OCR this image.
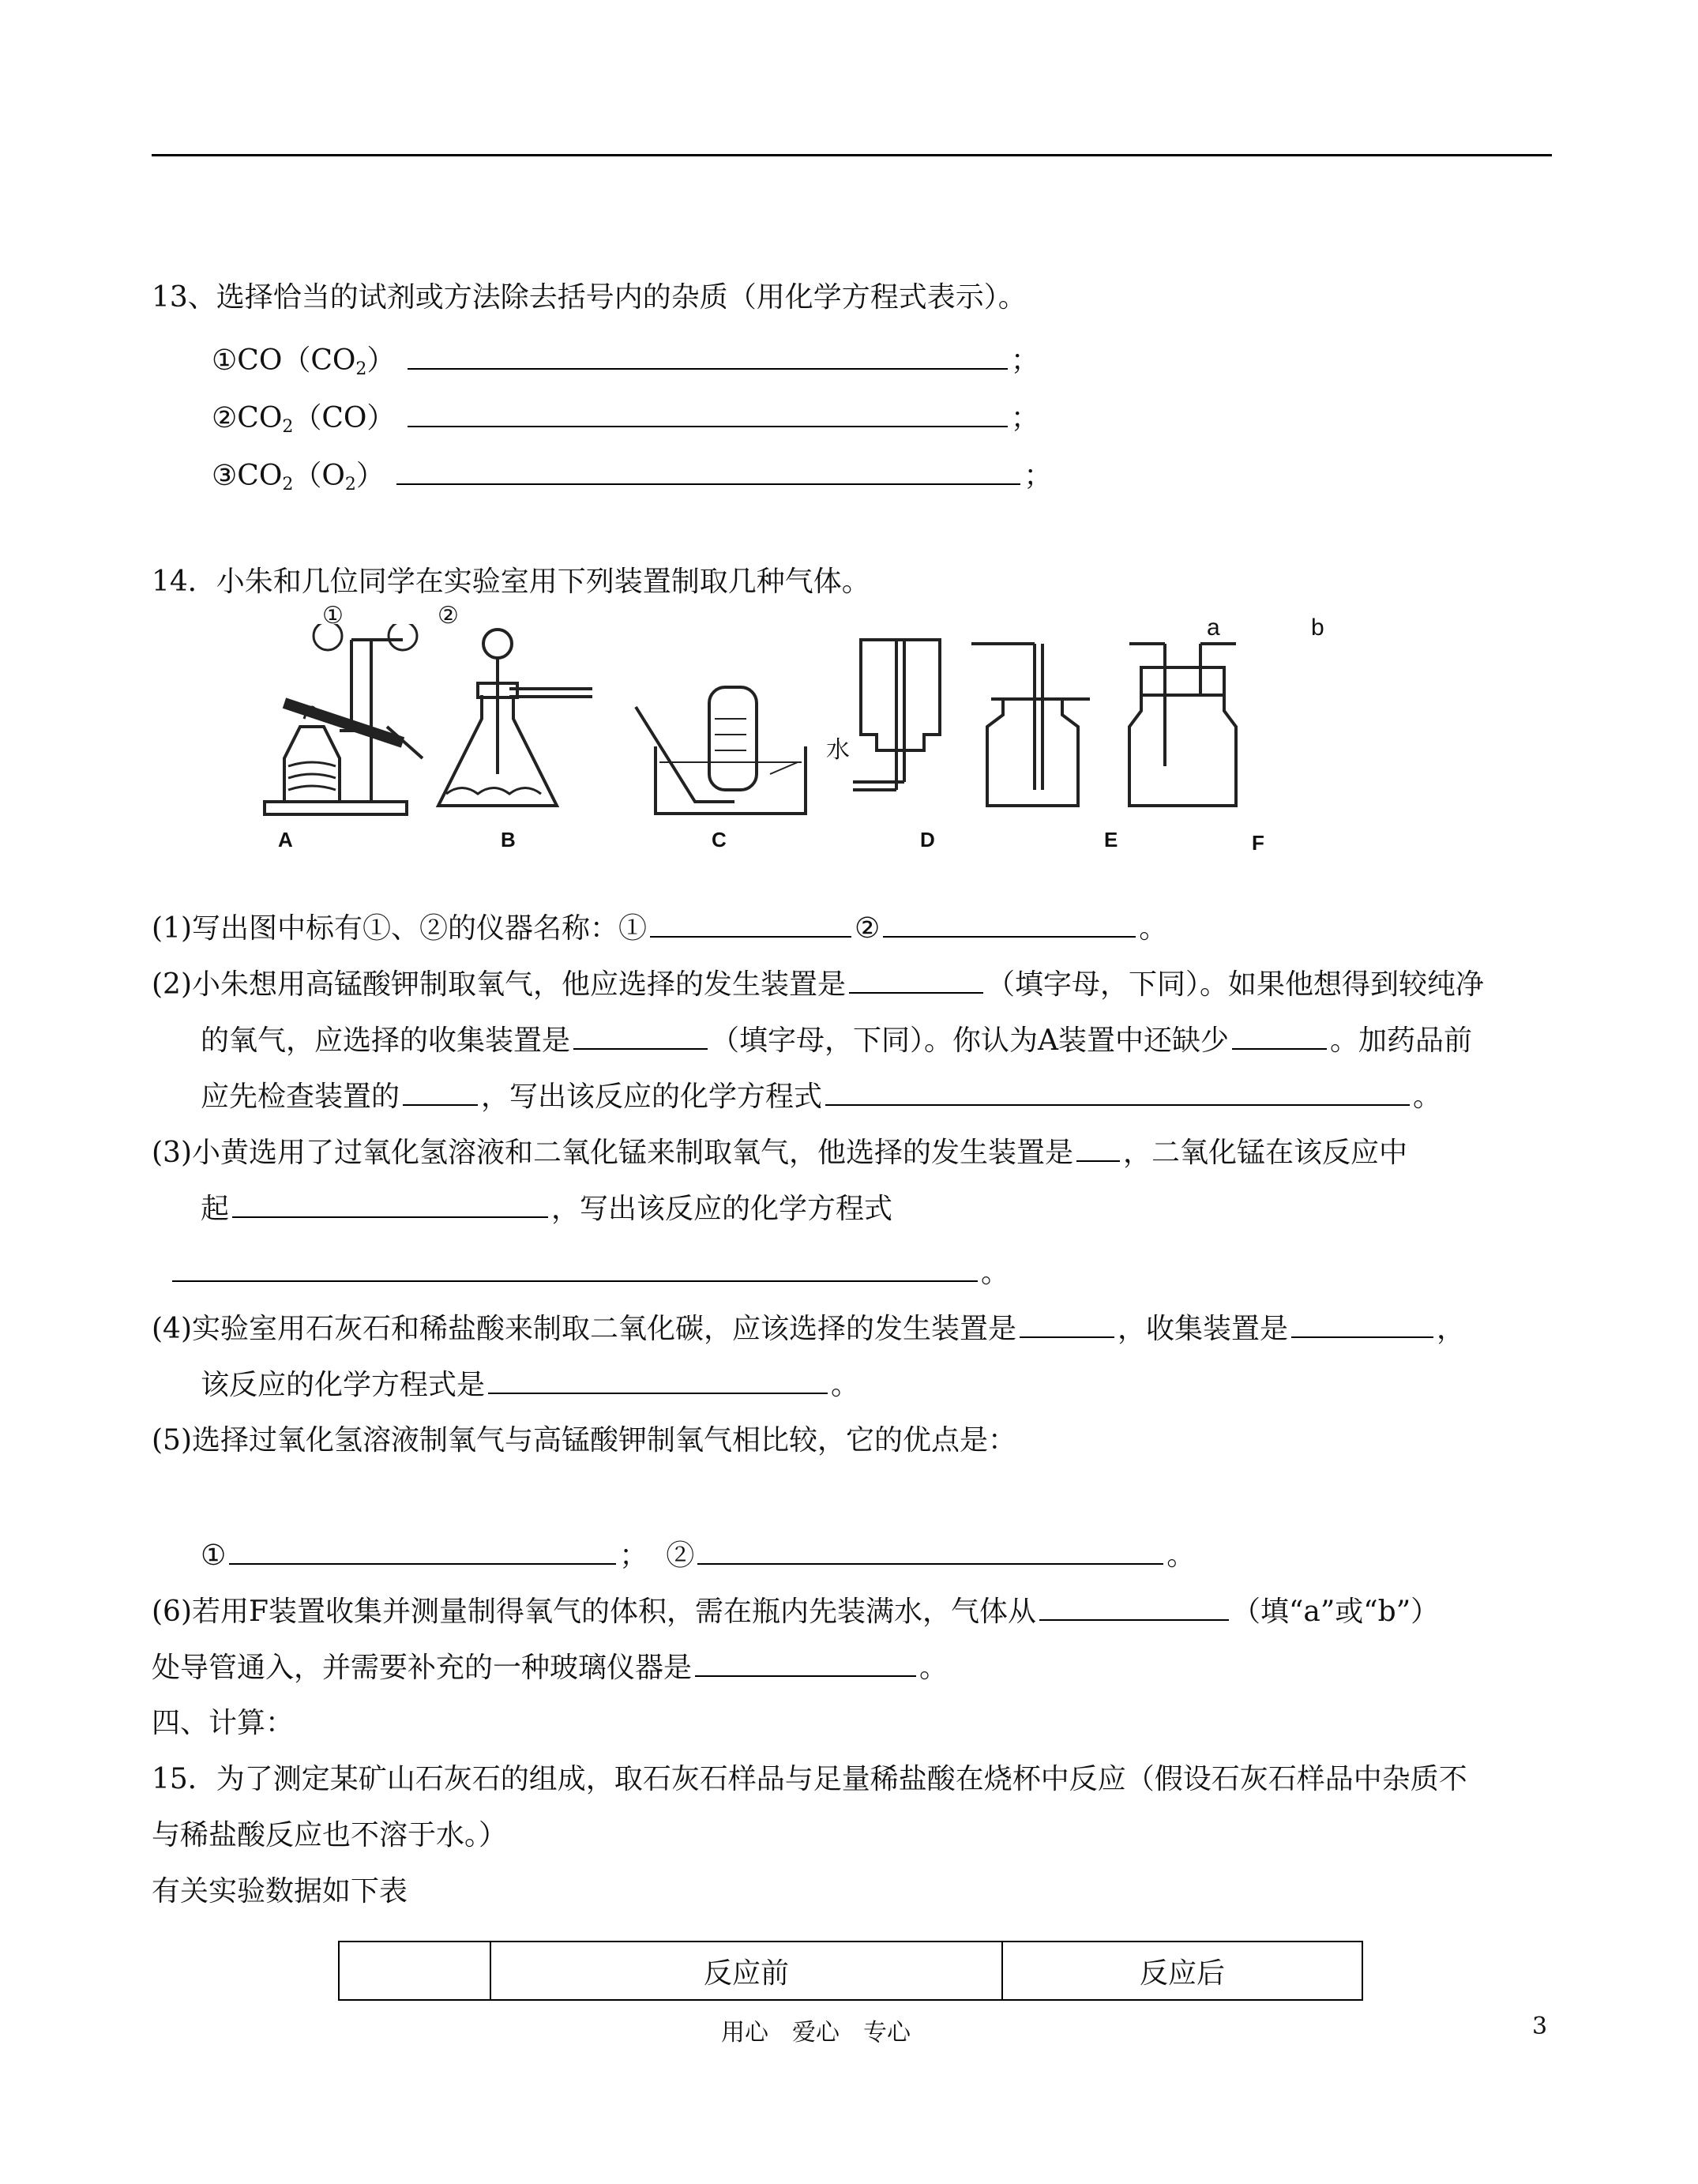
13、选择恰当的试剂或方法除去括号内的杂质（用化学方程式表示）。
$①CO(CO_2)$	；
$②CO_2(CO)$	；
$③CO_2(O_2)$	；
14．小朱和几位同学在实验室用下列装置制取几种气体。
①	②
水
a	b
A	B	C	D	E	F
(1)写出图中标有①、②的仪器名称：①	②	。
(2)小朱想用高锰酸钾制取氧气，他应选择的发生装置是	（填字母，下同）。如果他想得到较纯净
的氧气，应选择的收集装置是	（填字母，下同）。你认为A装置中还缺少	。加药品前
应先检查装置的	，写出该反应的化学方程式	。
(3)小黄选用了过氧化氢溶液和二氧化锰来制取氧气，他选择的发生装置是 ，二氧化锰在该反应中
起	，写出该反应的化学方程式
。
(4)实验室用石灰石和稀盐酸来制取二氧化碳，应该选择的发生装置是	，收集装置是	，
该反应的化学方程式是	。
(5)选择过氧化氢溶液制氧气与高锰酸钾制氧气相比较，它的优点是：
①	； ②	。
(6)若用F装置收集并测量制得氧气的体积，需在瓶内先装满水，气体从	（填“a”或“b”）
处导管通入，并需要补充的一种玻璃仪器是	。
四、计算：
15．为了测定某矿山石灰石的组成，取石灰石样品与足量稀盐酸在烧杯中反应（假设石灰石样品中杂质不
与稀盐酸反应也不溶于水。）
有关实验数据如下表
	反应前	反应后
用心　爱心　专心	3
